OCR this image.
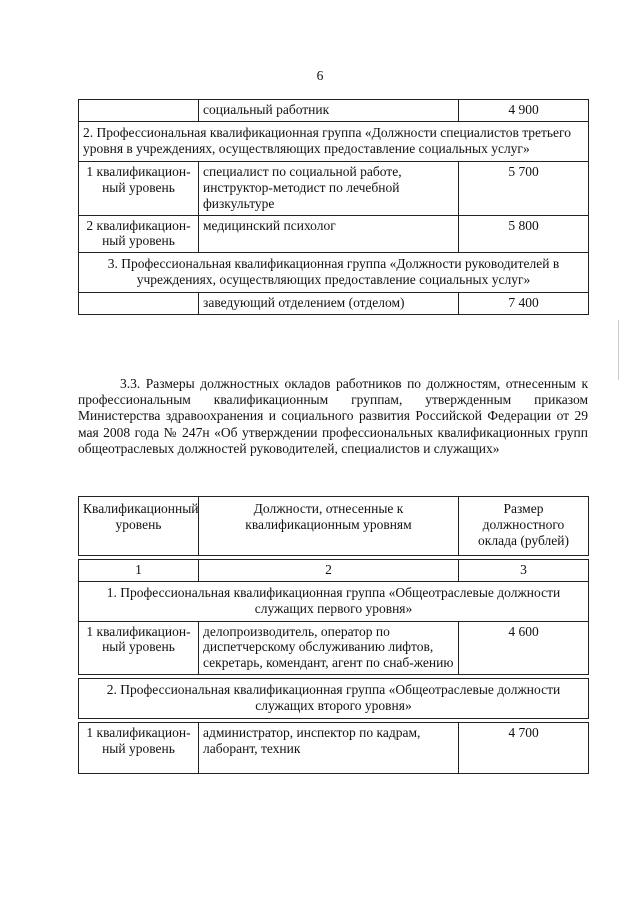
6
	социальный работник	4 900
2. Профессиональная квалификационная группа «Должности специалистов третьего уровня в учреждениях, осуществляющих предоставление социальных услуг»		
1 квалификацион-ный уровень	специалист по социальной работе, инструктор-методист по лечебной физкультуре	5 700
2 квалификацион-ный уровень	медицинский психолог	5 800
3. Профессиональная квалификационная группа «Должности руководителей в учреждениях, осуществляющих предоставление социальных услуг»		
	заведующий отделением (отделом)	7 400

3.3. Размеры должностных окладов работников по должностям, отнесенным к профессиональным квалификационным группам, утвержденным приказом Министерства здравоохранения и социального развития Российской Федерации от 29 мая 2008 года № 247н «Об утверждении профессиональных квалификационных групп общеотраслевых должностей руководителей, специалистов и служащих»

Квалификационный уровень	Должности, отнесенные к квалификационным уровням	Размер должностного оклада (рублей)

1	2	3
1. Профессиональная квалификационная группа «Общеотраслевые должности служащих первого уровня»		
1 квалификацион-ный уровень	делопроизводитель, оператор по диспетчерскому обслуживанию лифтов, секретарь, комендант, агент по снаб-жению	4 600

2. Профессиональная квалификационная группа «Общеотраслевые должности служащих второго уровня»		

1 квалификацион-ный уровень	администратор, инспектор по кадрам, лаборант, техник	4 700
